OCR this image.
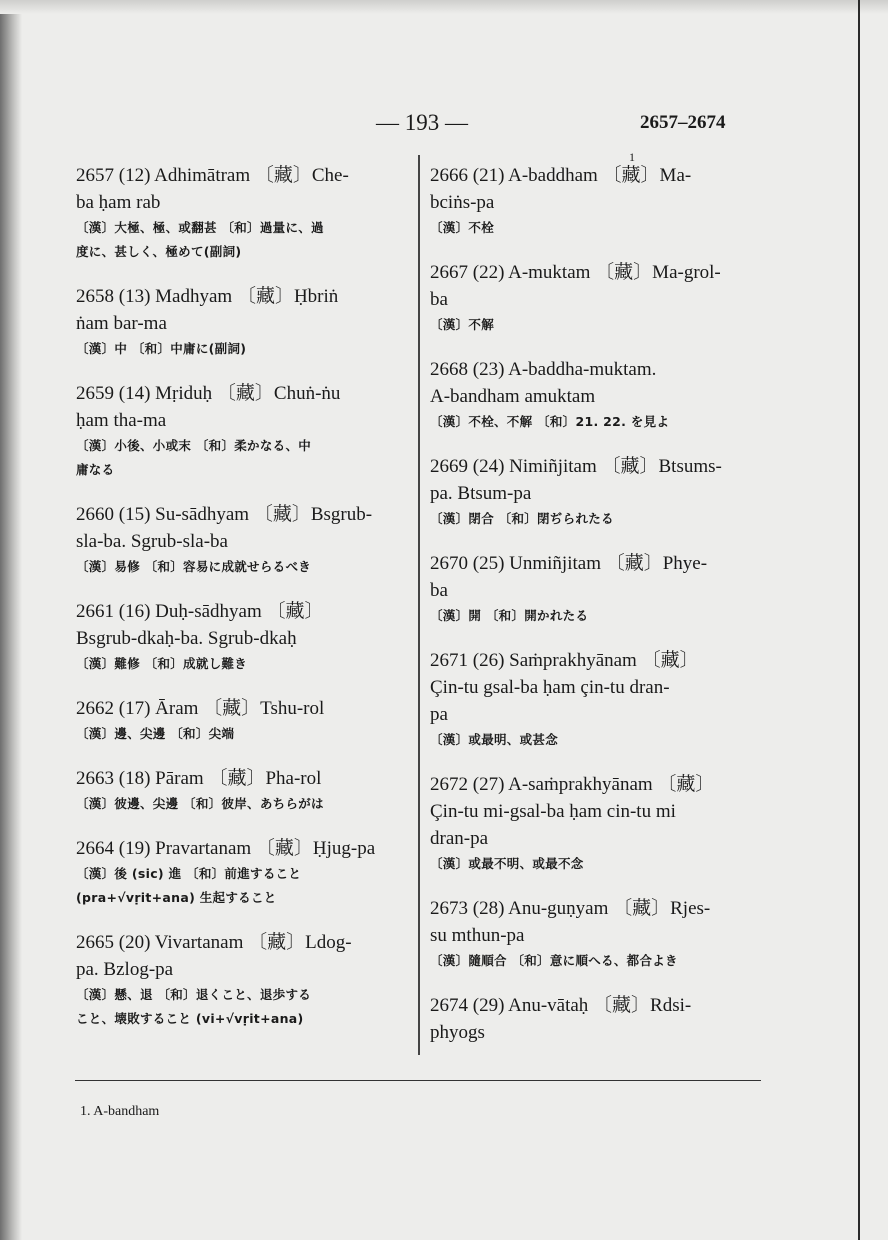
— 193 —	2657–2674
1

2657 (12) Adhimātram 〔藏〕Che-

ba ḥam rab

〔漢〕大極、極、或翻甚 〔和〕過量に、過

度に、甚しく、極めて(副詞)

2658 (13) Madhyam 〔藏〕Ḥbriṅ

ṅam bar-ma

〔漢〕中 〔和〕中庸に(副詞)

2659 (14) Mṛiduḥ 〔藏〕Chuṅ-ṅu

ḥam tha-ma

〔漢〕小後、小或末 〔和〕柔かなる、中

庸なる

2660 (15) Su-sādhyam 〔藏〕Bsgrub-

sla-ba. Sgrub-sla-ba

〔漢〕易修 〔和〕容易に成就せらるべき

2661 (16) Duḥ-sādhyam 〔藏〕

Bsgrub-dkaḥ-ba. Sgrub-dkaḥ

〔漢〕難修 〔和〕成就し難き

2662 (17) Āram 〔藏〕Tshu-rol

〔漢〕邊、尖邊 〔和〕尖端

2663 (18) Pāram 〔藏〕Pha-rol

〔漢〕彼邊、尖邊 〔和〕彼岸、あちらがは

2664 (19) Pravartanam 〔藏〕Ḥjug-pa

〔漢〕後 (sic) 進 〔和〕前進すること

(pra+√vṛit+ana) 生起すること

2665 (20) Vivartanam 〔藏〕Ldog-

pa. Bzlog-pa

〔漢〕懸、退 〔和〕退くこと、退歩する

こと、壊敗すること (vi+√vṛit+ana)

2666 (21) A-baddham 〔藏〕Ma-

bciṅs-pa

〔漢〕不栓

2667 (22) A-muktam 〔藏〕Ma-grol-

ba

〔漢〕不解

2668 (23) A-baddha-muktam.

A-bandham amuktam

〔漢〕不栓、不解 〔和〕21. 22. を見よ

2669 (24) Nimiñjitam 〔藏〕Btsums-

pa. Btsum-pa

〔漢〕閉合 〔和〕閉ぢられたる

2670 (25) Unmiñjitam 〔藏〕Phye-

ba

〔漢〕開 〔和〕開かれたる

2671 (26) Saṁprakhyānam 〔藏〕

Çin-tu gsal-ba ḥam çin-tu dran-

pa

〔漢〕或最明、或甚念

2672 (27) A-saṁprakhyānam 〔藏〕

Çin-tu mi-gsal-ba ḥam cin-tu mi

dran-pa

〔漢〕或最不明、或最不念

2673 (28) Anu-guṇyam 〔藏〕Rjes-

su mthun-pa

〔漢〕隨順合 〔和〕意に順へる、都合よき

2674 (29) Anu-vātaḥ 〔藏〕Rdsi-

phyogs

1. A-bandham
